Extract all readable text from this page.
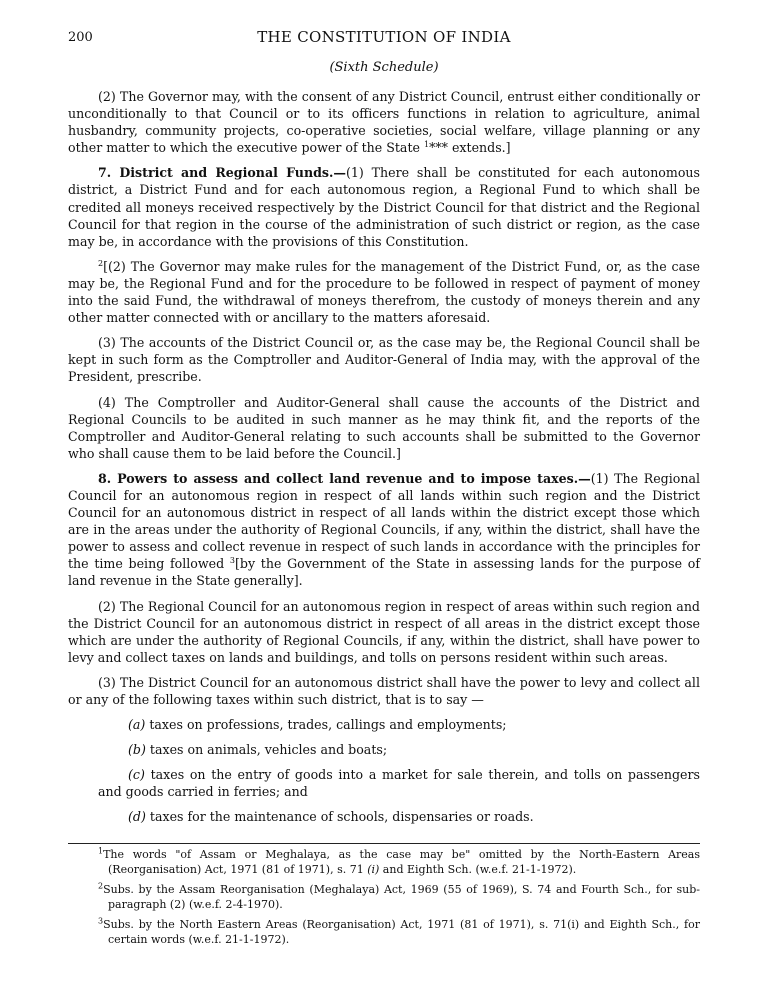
200	THE CONSTITUTION OF INDIA
(Sixth Schedule)

(2) The Governor may, with the consent of any District Council, entrust either conditionally or unconditionally to that Council or to its officers functions in relation to agriculture, animal husbandry, community projects, co-operative societies, social welfare, village planning or any other matter to which the executive power of the State $^1$*** extends.]

7. District and Regional Funds.—(1) There shall be constituted for each autonomous district, a District Fund and for each autonomous region, a Regional Fund to which shall be credited all moneys received respectively by the District Council for that district and the Regional Council for that region in the course of the administration of such district or region, as the case may be, in accordance with the provisions of this Constitution.

$^2$[(2) The Governor may make rules for the management of the District Fund, or, as the case may be, the Regional Fund and for the procedure to be followed in respect of payment of money into the said Fund, the withdrawal of moneys therefrom, the custody of moneys therein and any other matter connected with or ancillary to the matters aforesaid.

(3) The accounts of the District Council or, as the case may be, the Regional Council shall be kept in such form as the Comptroller and Auditor-General of India may, with the approval of the President, prescribe.

(4) The Comptroller and Auditor-General shall cause the accounts of the District and Regional Councils to be audited in such manner as he may think fit, and the reports of the Comptroller and Auditor-General relating to such accounts shall be submitted to the Governor who shall cause them to be laid before the Council.]

8. Powers to assess and collect land revenue and to impose taxes.—(1) The Regional Council for an autonomous region in respect of all lands within such region and the District Council for an autonomous district in respect of all lands within the district except those which are in the areas under the authority of Regional Councils, if any, within the district, shall have the power to assess and collect revenue in respect of such lands in accordance with the principles for the time being followed $^3$[by the Government of the State in assessing lands for the purpose of land revenue in the State generally].

(2) The Regional Council for an autonomous region in respect of areas within such region and the District Council for an autonomous district in respect of all areas in the district except those which are under the authority of Regional Councils, if any, within the district, shall have power to levy and collect taxes on lands and buildings, and tolls on persons resident within such areas.

(3) The District Council for an autonomous district shall have the power to levy and collect all or any of the following taxes within such district, that is to say —

(a) taxes on professions, trades, callings and employments;

(b) taxes on animals, vehicles and boats;

(c) taxes on the entry of goods into a market for sale therein, and tolls on passengers and goods carried in ferries; and

(d) taxes for the maintenance of schools, dispensaries or roads.

$^1$The words "of Assam or Meghalaya, as the case may be" omitted by the North-Eastern Areas (Reorganisation) Act, 1971 (81 of 1971), s. 71 (i) and Eighth Sch. (w.e.f. 21-1-1972).

$^2$Subs. by the Assam Reorganisation (Meghalaya) Act, 1969 (55 of 1969), S. 74 and Fourth Sch., for sub-paragraph (2) (w.e.f. 2-4-1970).

$^3$Subs. by the North Eastern Areas (Reorganisation) Act, 1971 (81 of 1971), s. 71(i) and Eighth Sch., for certain words (w.e.f. 21-1-1972).
